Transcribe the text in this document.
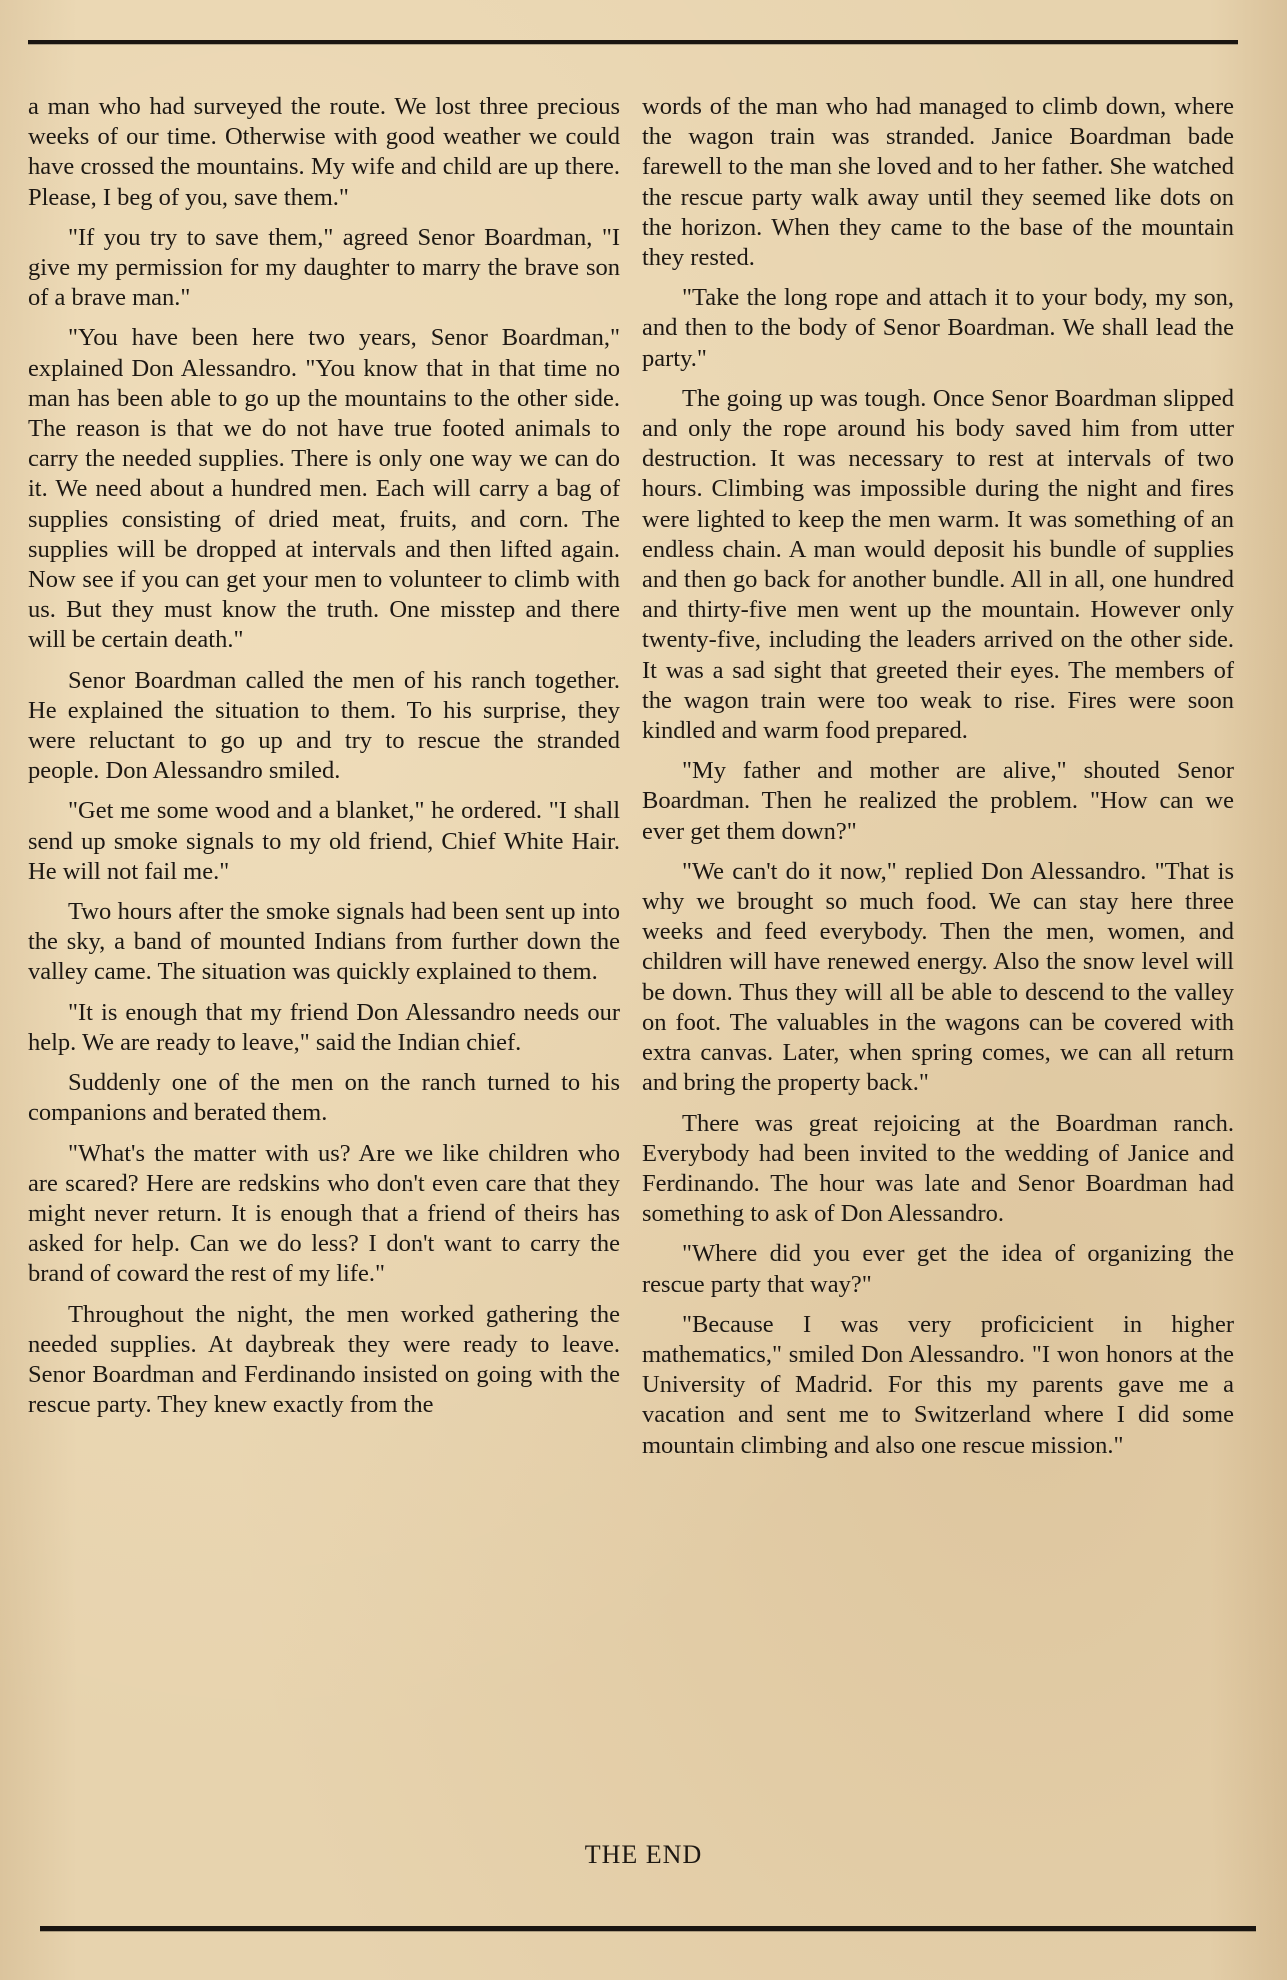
a man who had surveyed the route. We lost three precious weeks of our time. Otherwise with good weather we could have crossed the mountains. My wife and child are up there. Please, I beg of you, save them."

"If you try to save them," agreed Senor Boardman, "I give my permission for my daughter to marry the brave son of a brave man."

"You have been here two years, Senor Boardman," explained Don Alessandro. "You know that in that time no man has been able to go up the mountains to the other side. The reason is that we do not have true footed animals to carry the needed supplies. There is only one way we can do it. We need about a hundred men. Each will carry a bag of supplies consisting of dried meat, fruits, and corn. The supplies will be dropped at intervals and then lifted again. Now see if you can get your men to volunteer to climb with us. But they must know the truth. One misstep and there will be certain death."

Senor Boardman called the men of his ranch together. He explained the situation to them. To his surprise, they were reluctant to go up and try to rescue the stranded people. Don Alessandro smiled.

"Get me some wood and a blanket," he ordered. "I shall send up smoke signals to my old friend, Chief White Hair. He will not fail me."

Two hours after the smoke signals had been sent up into the sky, a band of mounted Indians from further down the valley came. The situation was quickly explained to them.

"It is enough that my friend Don Alessandro needs our help. We are ready to leave," said the Indian chief.

Suddenly one of the men on the ranch turned to his companions and berated them.

"What's the matter with us? Are we like children who are scared? Here are redskins who don't even care that they might never return. It is enough that a friend of theirs has asked for help. Can we do less? I don't want to carry the brand of coward the rest of my life."

Throughout the night, the men worked gathering the needed supplies. At daybreak they were ready to leave. Senor Boardman and Ferdinando insisted on going with the rescue party. They knew exactly from the

words of the man who had managed to climb down, where the wagon train was stranded. Janice Boardman bade farewell to the man she loved and to her father. She watched the rescue party walk away until they seemed like dots on the horizon. When they came to the base of the mountain they rested.

"Take the long rope and attach it to your body, my son, and then to the body of Senor Boardman. We shall lead the party."

The going up was tough. Once Senor Boardman slipped and only the rope around his body saved him from utter destruction. It was necessary to rest at intervals of two hours. Climbing was impossible during the night and fires were lighted to keep the men warm. It was something of an endless chain. A man would deposit his bundle of supplies and then go back for another bundle. All in all, one hundred and thirty-five men went up the mountain. However only twenty-five, including the leaders arrived on the other side. It was a sad sight that greeted their eyes. The members of the wagon train were too weak to rise. Fires were soon kindled and warm food prepared.

"My father and mother are alive," shouted Senor Boardman. Then he realized the problem. "How can we ever get them down?"

"We can't do it now," replied Don Alessandro. "That is why we brought so much food. We can stay here three weeks and feed everybody. Then the men, women, and children will have renewed energy. Also the snow level will be down. Thus they will all be able to descend to the valley on foot. The valuables in the wagons can be covered with extra canvas. Later, when spring comes, we can all return and bring the property back."

There was great rejoicing at the Boardman ranch. Everybody had been invited to the wedding of Janice and Ferdinando. The hour was late and Senor Boardman had something to ask of Don Alessandro.

"Where did you ever get the idea of organizing the rescue party that way?"

"Because I was very proficicient in higher mathematics," smiled Don Alessandro. "I won honors at the University of Madrid. For this my parents gave me a vacation and sent me to Switzerland where I did some mountain climbing and also one rescue mission."

THE END
